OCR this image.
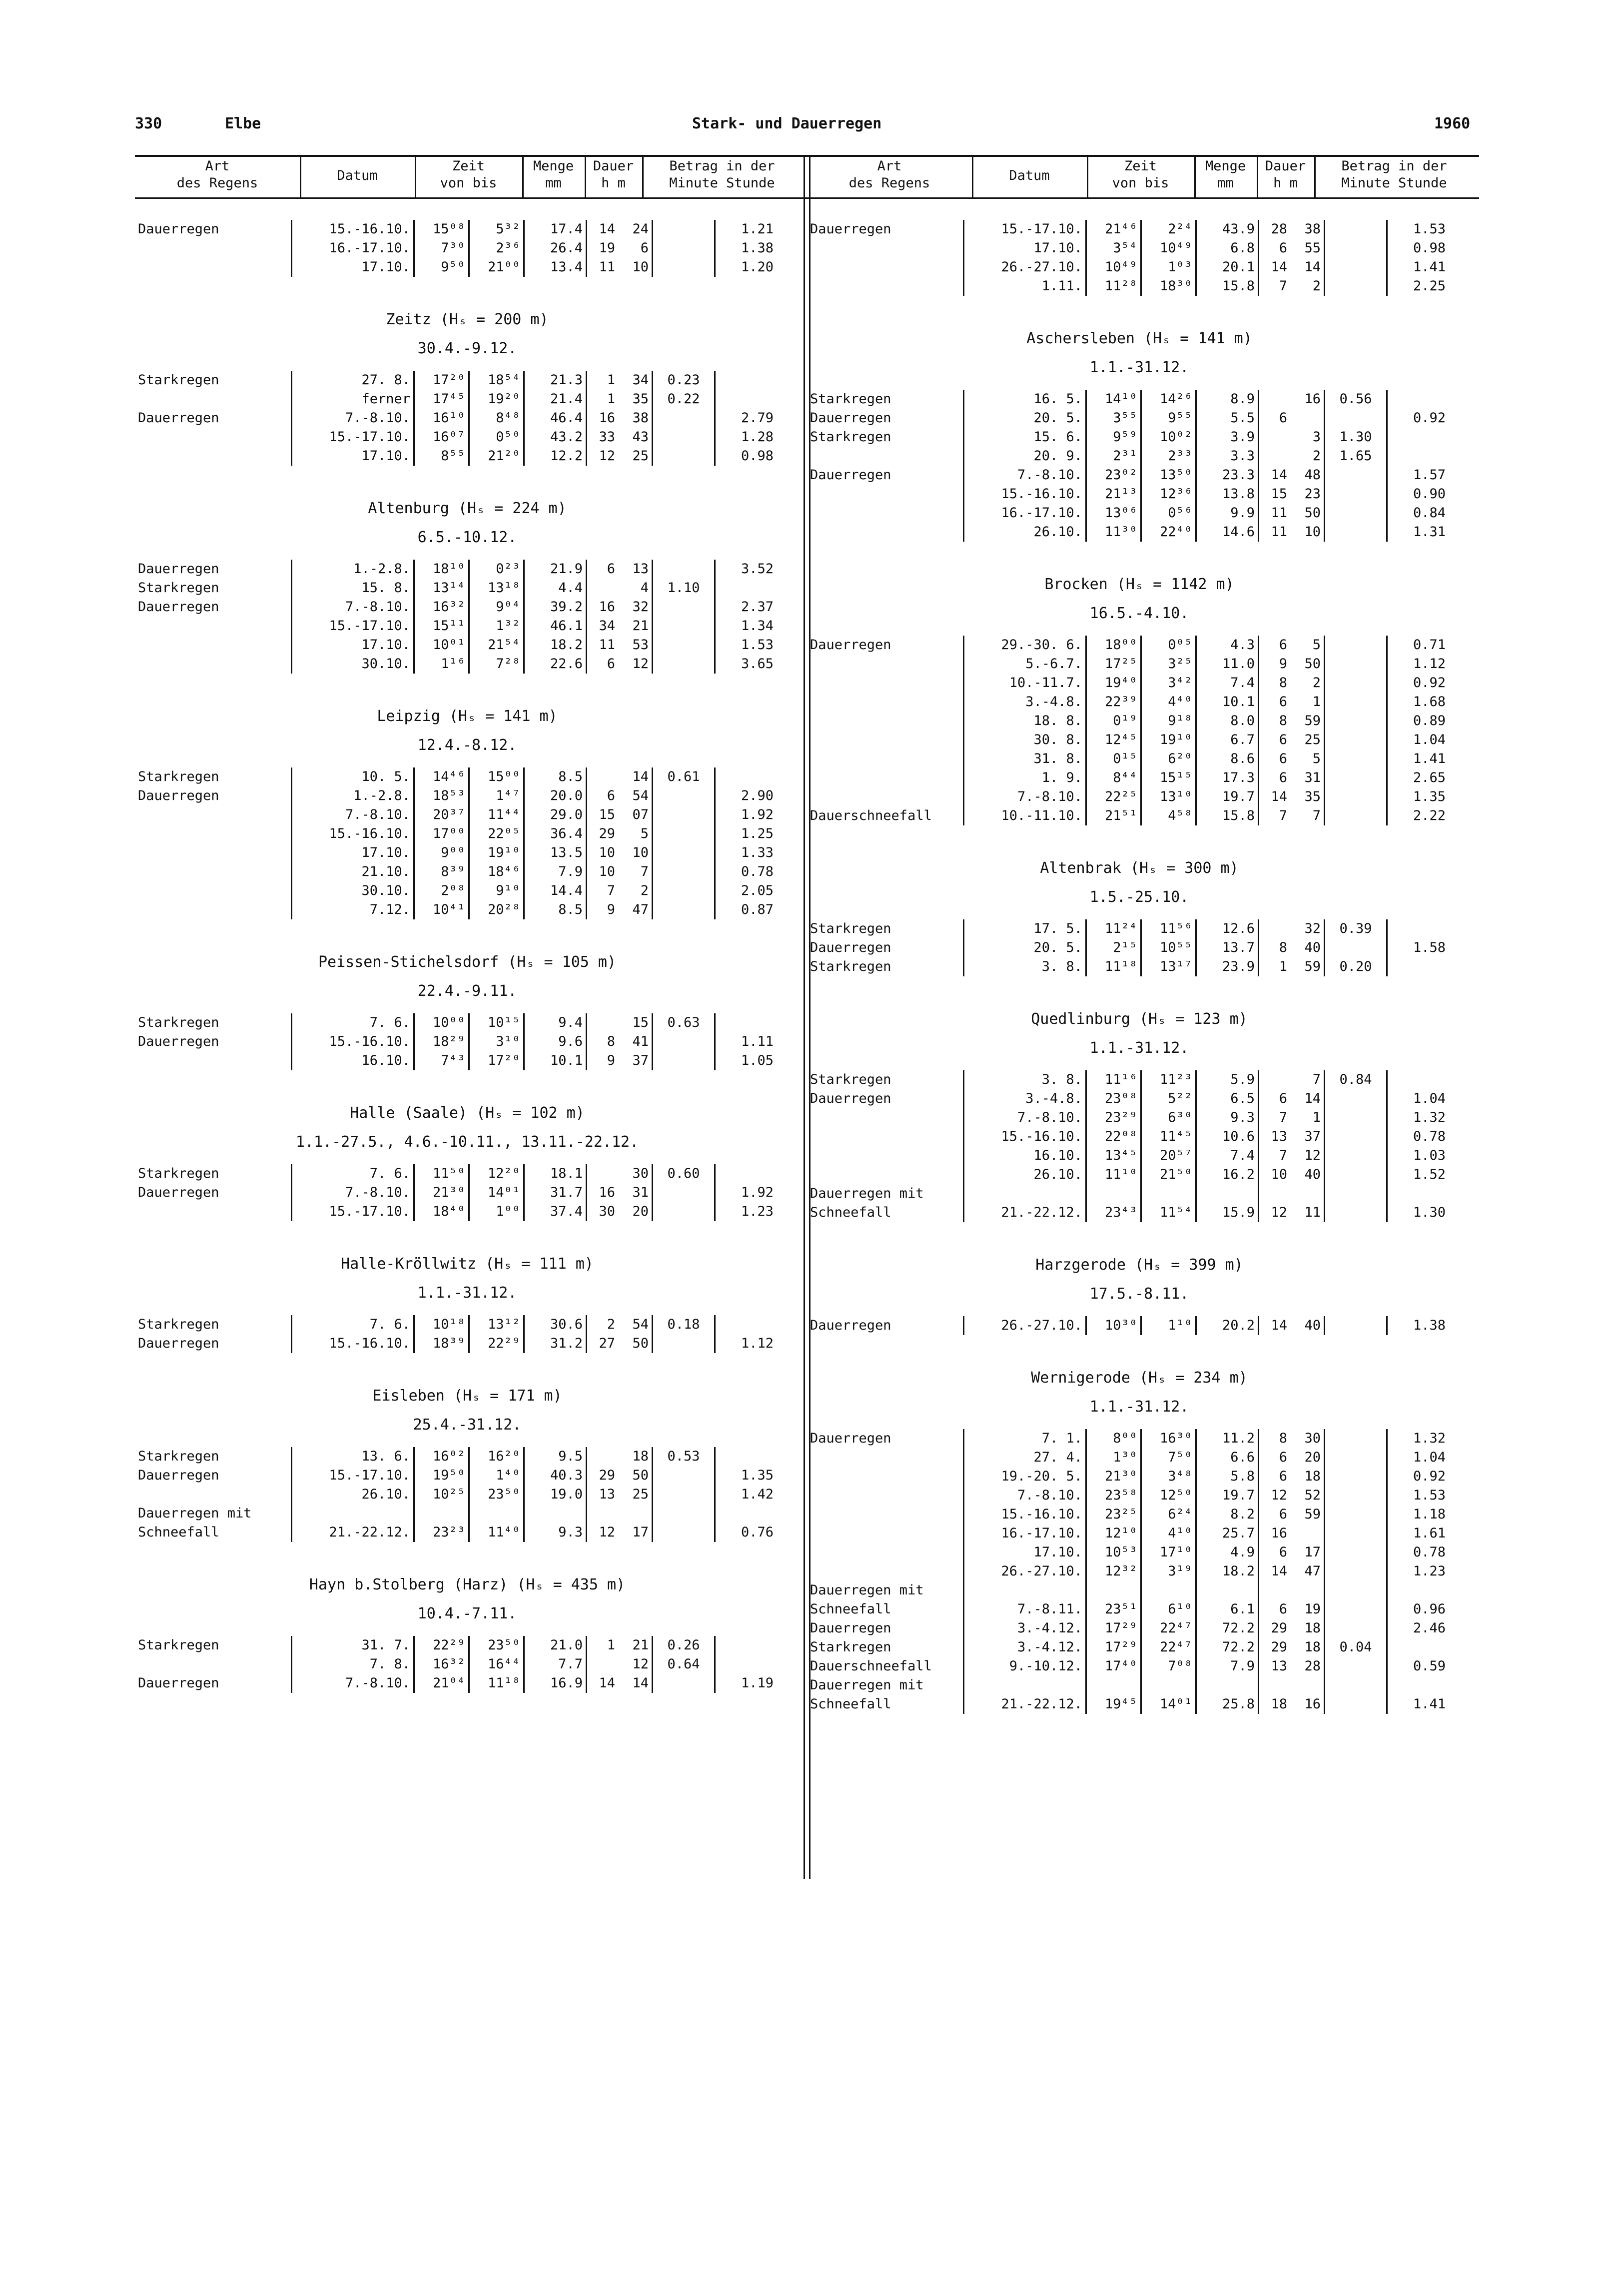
330	Elbe	Stark- und Dauerregen	1960
Art
des Regens	Datum
Zeit
von bis
Menge
mm
Dauer
h m
Betrag in der
Minute Stunde
Art
des Regens	Datum
Zeit
von bis
Menge
mm
Dauer
h m
Betrag in der
Minute Stunde
Dauerregen	15.-16.10.	15⁰⁸	5³²	17.4	14	24		1.21
	16.-17.10.	7³⁰	2³⁶	26.4	19	6		1.38
	17.10.	9⁵⁰	21⁰⁰	13.4	11	10		1.20
Zeitz (Hₛ = 200 m)
30.4.-9.12.
Starkregen	27. 8.	17²⁰	18⁵⁴	21.3	1	34	0.23	
	ferner	17⁴⁵	19²⁰	21.4	1	35	0.22	
Dauerregen	7.-8.10.	16¹⁰	8⁴⁸	46.4	16	38		2.79
	15.-17.10.	16⁰⁷	0⁵⁰	43.2	33	43		1.28
	17.10.	8⁵⁵	21²⁰	12.2	12	25		0.98
Altenburg (Hₛ = 224 m)
6.5.-10.12.
Dauerregen	1.-2.8.	18¹⁰	0²³	21.9	6	13		3.52
Starkregen	15. 8.	13¹⁴	13¹⁸	4.4		4	1.10	
Dauerregen	7.-8.10.	16³²	9⁰⁴	39.2	16	32		2.37
	15.-17.10.	15¹¹	1³²	46.1	34	21		1.34
	17.10.	10⁰¹	21⁵⁴	18.2	11	53		1.53
	30.10.	1¹⁶	7²⁸	22.6	6	12		3.65
Leipzig (Hₛ = 141 m)
12.4.-8.12.
Starkregen	10. 5.	14⁴⁶	15⁰⁰	8.5		14	0.61	
Dauerregen	1.-2.8.	18⁵³	1⁴⁷	20.0	6	54		2.90
	7.-8.10.	20³⁷	11⁴⁴	29.0	15	07		1.92
	15.-16.10.	17⁰⁰	22⁰⁵	36.4	29	5		1.25
	17.10.	9⁰⁰	19¹⁰	13.5	10	10		1.33
	21.10.	8³⁹	18⁴⁶	7.9	10	7		0.78
	30.10.	2⁰⁸	9¹⁰	14.4	7	2		2.05
	7.12.	10⁴¹	20²⁸	8.5	9	47		0.87
Peissen-Stichelsdorf (Hₛ = 105 m)
22.4.-9.11.
Starkregen	7. 6.	10⁰⁰	10¹⁵	9.4		15	0.63	
Dauerregen	15.-16.10.	18²⁹	3¹⁰	9.6	8	41		1.11
	16.10.	7⁴³	17²⁰	10.1	9	37		1.05
Halle (Saale) (Hₛ = 102 m)
1.1.-27.5., 4.6.-10.11., 13.11.-22.12.
Starkregen	7. 6.	11⁵⁰	12²⁰	18.1		30	0.60	
Dauerregen	7.-8.10.	21³⁰	14⁰¹	31.7	16	31		1.92
	15.-17.10.	18⁴⁰	1⁰⁰	37.4	30	20		1.23
Halle-Kröllwitz (Hₛ = 111 m)
1.1.-31.12.
Starkregen	7. 6.	10¹⁸	13¹²	30.6	2	54	0.18	
Dauerregen	15.-16.10.	18³⁹	22²⁹	31.2	27	50		1.12
Eisleben (Hₛ = 171 m)
25.4.-31.12.
Starkregen	13. 6.	16⁰²	16²⁰	9.5		18	0.53	
Dauerregen	15.-17.10.	19⁵⁰	1⁴⁰	40.3	29	50		1.35
	26.10.	10²⁵	23⁵⁰	19.0	13	25		1.42
Dauerregen mit								
Schneefall	21.-22.12.	23²³	11⁴⁰	9.3	12	17		0.76
Hayn b.Stolberg (Harz) (Hₛ = 435 m)
10.4.-7.11.
Starkregen	31. 7.	22²⁹	23⁵⁰	21.0	1	21	0.26	
	7. 8.	16³²	16⁴⁴	7.7		12	0.64	
Dauerregen	7.-8.10.	21⁰⁴	11¹⁸	16.9	14	14		1.19
Dauerregen	15.-17.10.	21⁴⁶	2²⁴	43.9	28	38		1.53
	17.10.	3⁵⁴	10⁴⁹	6.8	6	55		0.98
	26.-27.10.	10⁴⁹	1⁰³	20.1	14	14		1.41
	1.11.	11²⁸	18³⁰	15.8	7	2		2.25
Aschersleben (Hₛ = 141 m)
1.1.-31.12.
Starkregen	16. 5.	14¹⁰	14²⁶	8.9		16	0.56	
Dauerregen	20. 5.	3⁵⁵	9⁵⁵	5.5	6			0.92
Starkregen	15. 6.	9⁵⁹	10⁰²	3.9		3	1.30	
	20. 9.	2³¹	2³³	3.3		2	1.65	
Dauerregen	7.-8.10.	23⁰²	13⁵⁰	23.3	14	48		1.57
	15.-16.10.	21¹³	12³⁶	13.8	15	23		0.90
	16.-17.10.	13⁰⁶	0⁵⁶	9.9	11	50		0.84
	26.10.	11³⁰	22⁴⁰	14.6	11	10		1.31
Brocken (Hₛ = 1142 m)
16.5.-4.10.
Dauerregen	29.-30. 6.	18⁰⁰	0⁰⁵	4.3	6	5		0.71
	5.-6.7.	17²⁵	3²⁵	11.0	9	50		1.12
	10.-11.7.	19⁴⁰	3⁴²	7.4	8	2		0.92
	3.-4.8.	22³⁹	4⁴⁰	10.1	6	1		1.68
	18. 8.	0¹⁹	9¹⁸	8.0	8	59		0.89
	30. 8.	12⁴⁵	19¹⁰	6.7	6	25		1.04
	31. 8.	0¹⁵	6²⁰	8.6	6	5		1.41
	1. 9.	8⁴⁴	15¹⁵	17.3	6	31		2.65
	7.-8.10.	22²⁵	13¹⁰	19.7	14	35		1.35
Dauerschneefall	10.-11.10.	21⁵¹	4⁵⁸	15.8	7	7		2.22
Altenbrak (Hₛ = 300 m)
1.5.-25.10.
Starkregen	17. 5.	11²⁴	11⁵⁶	12.6		32	0.39	
Dauerregen	20. 5.	2¹⁵	10⁵⁵	13.7	8	40		1.58
Starkregen	3. 8.	11¹⁸	13¹⁷	23.9	1	59	0.20	
Quedlinburg (Hₛ = 123 m)
1.1.-31.12.
Starkregen	3. 8.	11¹⁶	11²³	5.9		7	0.84	
Dauerregen	3.-4.8.	23⁰⁸	5²²	6.5	6	14		1.04
	7.-8.10.	23²⁹	6³⁰	9.3	7	1		1.32
	15.-16.10.	22⁰⁸	11⁴⁵	10.6	13	37		0.78
	16.10.	13⁴⁵	20⁵⁷	7.4	7	12		1.03
	26.10.	11¹⁰	21⁵⁰	16.2	10	40		1.52
Dauerregen mit								
Schneefall	21.-22.12.	23⁴³	11⁵⁴	15.9	12	11		1.30
Harzgerode (Hₛ = 399 m)
17.5.-8.11.
Dauerregen	26.-27.10.	10³⁰	1¹⁰	20.2	14	40		1.38
Wernigerode (Hₛ = 234 m)
1.1.-31.12.
Dauerregen	7. 1.	8⁰⁰	16³⁰	11.2	8	30		1.32
	27. 4.	1³⁰	7⁵⁰	6.6	6	20		1.04
	19.-20. 5.	21³⁰	3⁴⁸	5.8	6	18		0.92
	7.-8.10.	23⁵⁸	12⁵⁰	19.7	12	52		1.53
	15.-16.10.	23²⁵	6²⁴	8.2	6	59		1.18
	16.-17.10.	12¹⁰	4¹⁰	25.7	16			1.61
	17.10.	10⁵³	17¹⁰	4.9	6	17		0.78
	26.-27.10.	12³²	3¹⁹	18.2	14	47		1.23
Dauerregen mit								
Schneefall	7.-8.11.	23⁵¹	6¹⁰	6.1	6	19		0.96
Dauerregen	3.-4.12.	17²⁹	22⁴⁷	72.2	29	18		2.46
Starkregen	3.-4.12.	17²⁹	22⁴⁷	72.2	29	18	0.04	
Dauerschneefall	9.-10.12.	17⁴⁰	7⁰⁸	7.9	13	28		0.59
Dauerregen mit								
Schneefall	21.-22.12.	19⁴⁵	14⁰¹	25.8	18	16		1.41
